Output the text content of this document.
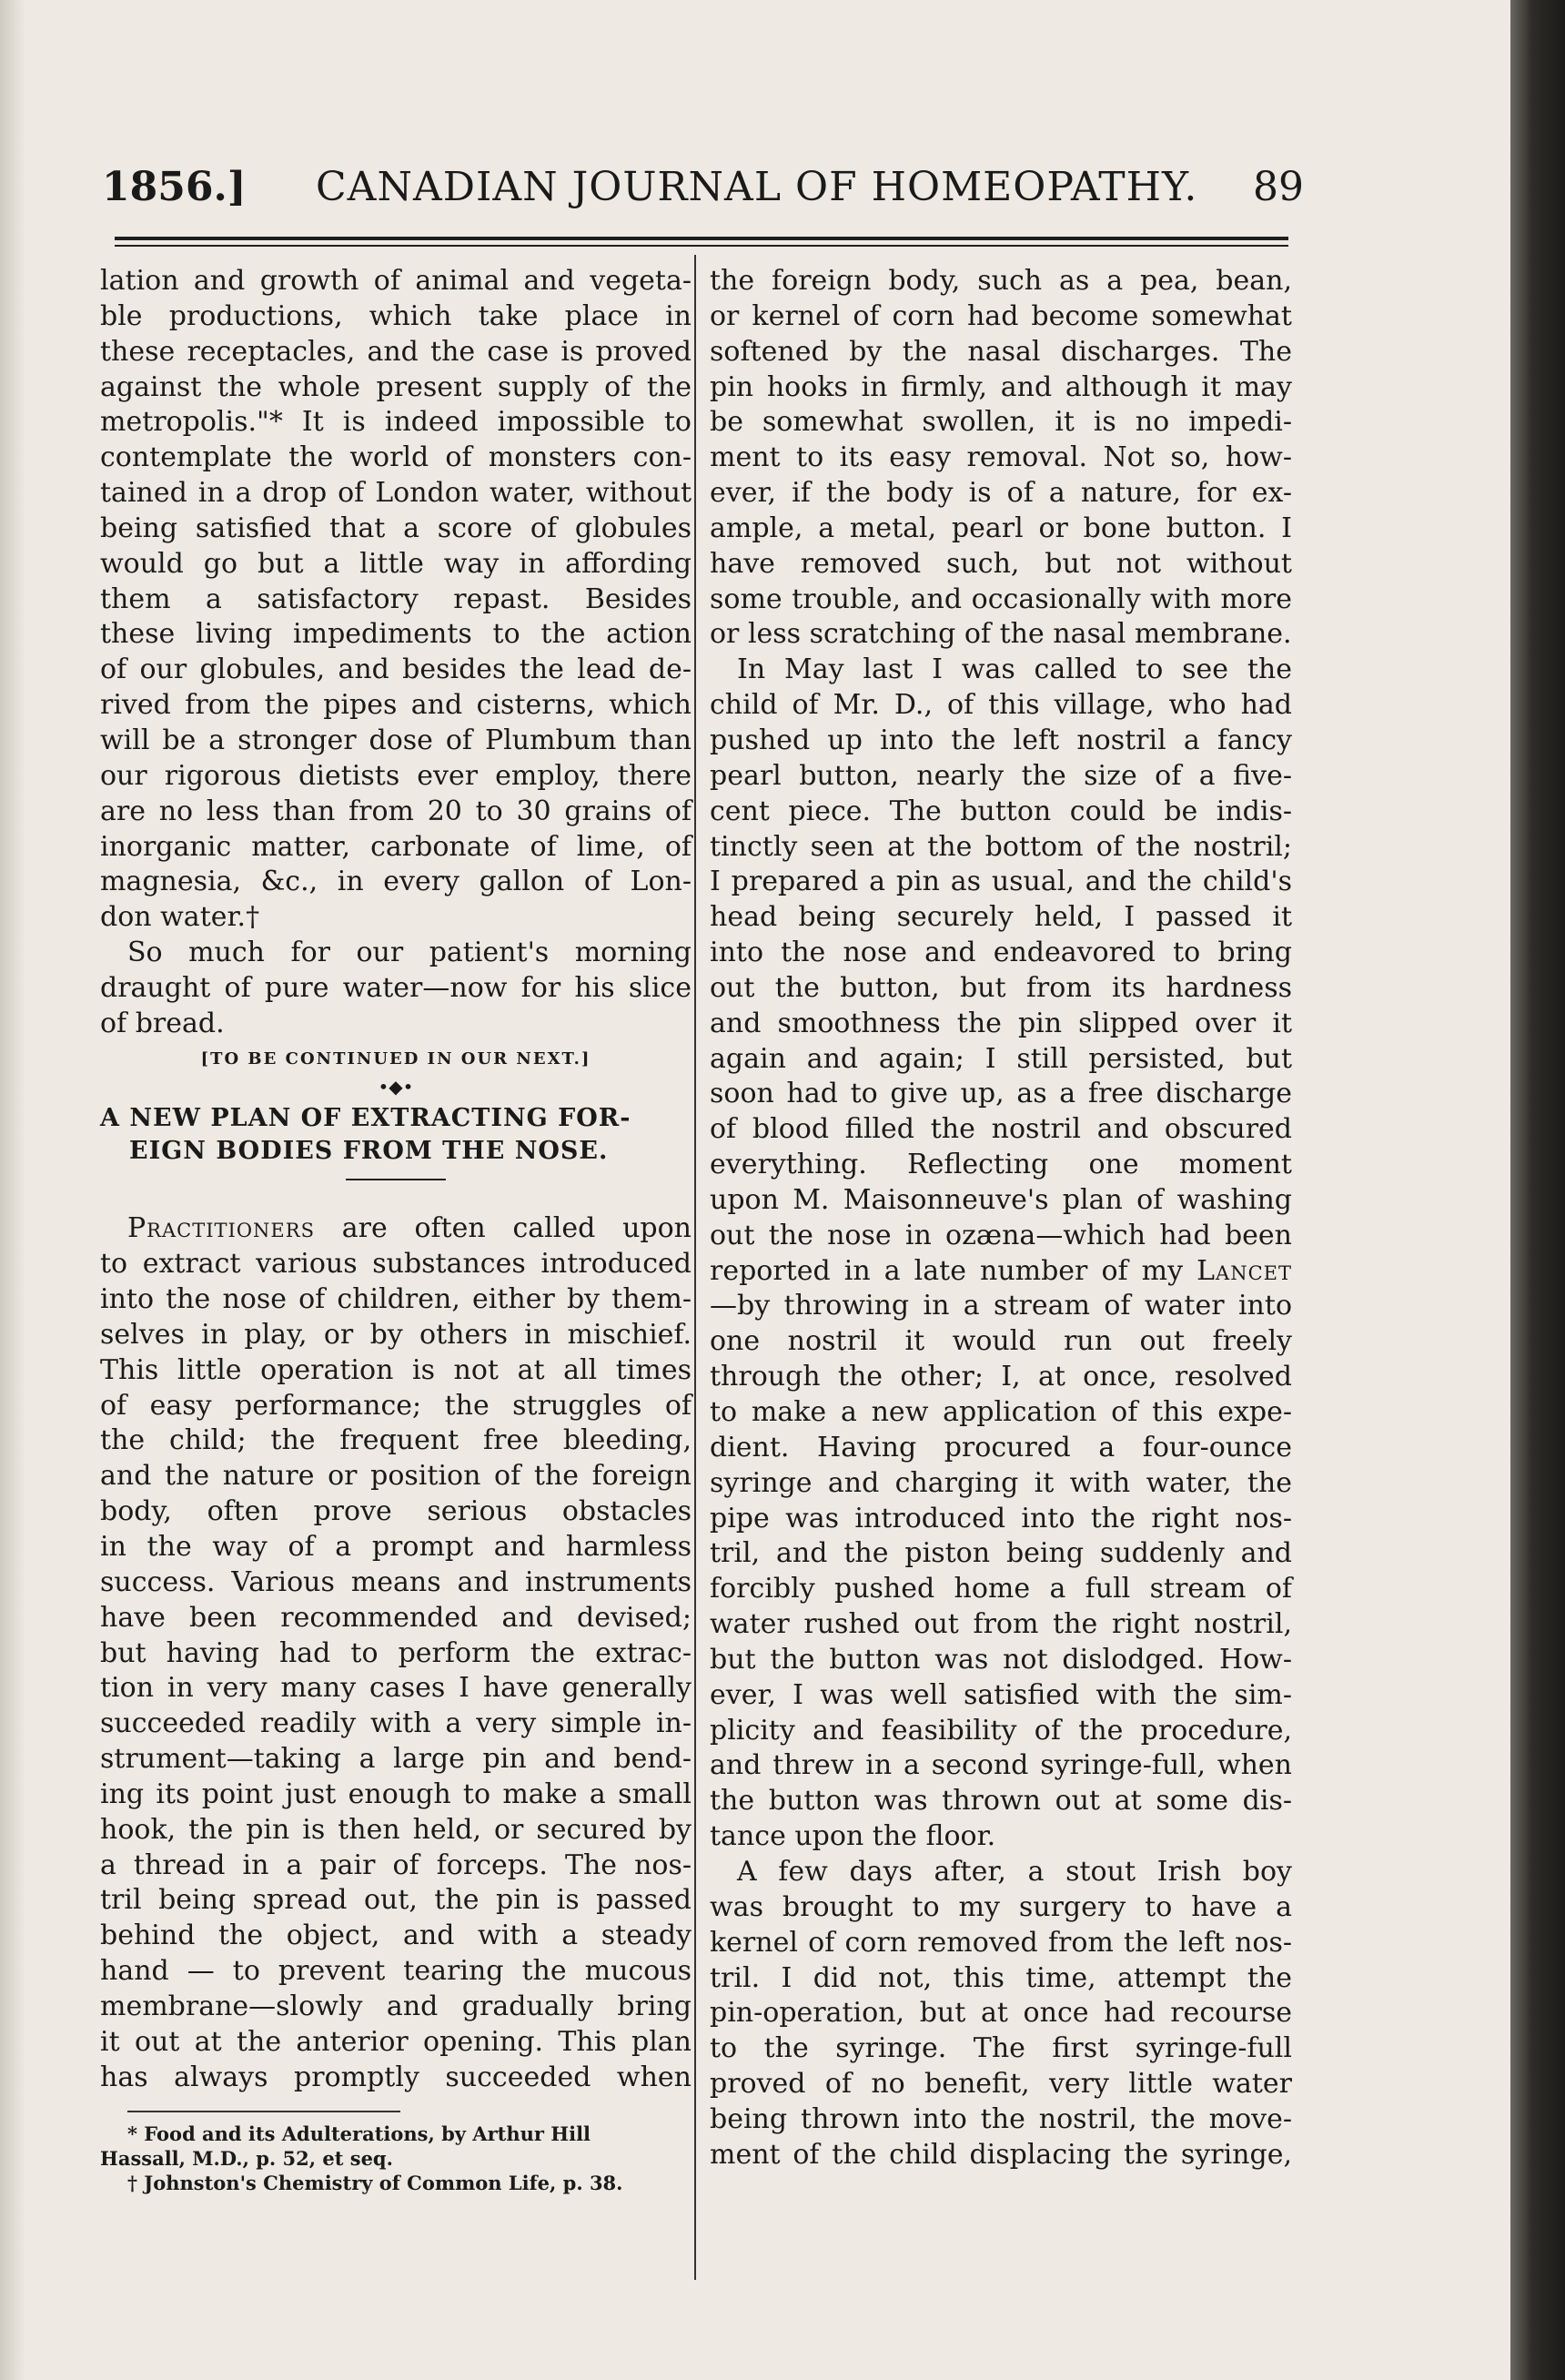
1856.] CANADIAN JOURNAL OF HOMEOPATHY. 89
lation and growth of animal and vegeta-
ble productions, which take place in
these receptacles, and the case is proved
against the whole present supply of the
metropolis."* It is indeed impossible to
contemplate the world of monsters con-
tained in a drop of London water, without
being satisfied that a score of globules
would go but a little way in affording
them a satisfactory repast. Besides
these living impediments to the action
of our globules, and besides the lead de-
rived from the pipes and cisterns, which
will be a stronger dose of Plumbum than
our rigorous dietists ever employ, there
are no less than from 20 to 30 grains of
inorganic matter, carbonate of lime, of
magnesia, &c., in every gallon of Lon-
don water.†
So much for our patient's morning
draught of pure water—now for his slice
of bread.
[TO BE CONTINUED IN OUR NEXT.]
•◆•
A NEW PLAN OF EXTRACTING FOR-
EIGN BODIES FROM THE NOSE.
Practitioners are often called upon
to extract various substances introduced
into the nose of children, either by them-
selves in play, or by others in mischief.
This little operation is not at all times
of easy performance; the struggles of
the child; the frequent free bleeding,
and the nature or position of the foreign
body, often prove serious obstacles
in the way of a prompt and harmless
success. Various means and instruments
have been recommended and devised;
but having had to perform the extrac-
tion in very many cases I have generally
succeeded readily with a very simple in-
strument—taking a large pin and bend-
ing its point just enough to make a small
hook, the pin is then held, or secured by
a thread in a pair of forceps. The nos-
tril being spread out, the pin is passed
behind the object, and with a steady
hand — to prevent tearing the mucous
membrane—slowly and gradually bring
it out at the anterior opening. This plan
has always promptly succeeded when
* Food and its Adulterations, by Arthur Hill
Hassall, M.D., p. 52, et seq.
† Johnston's Chemistry of Common Life, p. 38.
the foreign body, such as a pea, bean,
or kernel of corn had become somewhat
softened by the nasal discharges. The
pin hooks in firmly, and although it may
be somewhat swollen, it is no impedi-
ment to its easy removal. Not so, how-
ever, if the body is of a nature, for ex-
ample, a metal, pearl or bone button. I
have removed such, but not without
some trouble, and occasionally with more
or less scratching of the nasal membrane.
In May last I was called to see the
child of Mr. D., of this village, who had
pushed up into the left nostril a fancy
pearl button, nearly the size of a five-
cent piece. The button could be indis-
tinctly seen at the bottom of the nostril;
I prepared a pin as usual, and the child's
head being securely held, I passed it
into the nose and endeavored to bring
out the button, but from its hardness
and smoothness the pin slipped over it
again and again; I still persisted, but
soon had to give up, as a free discharge
of blood filled the nostril and obscured
everything. Reflecting one moment
upon M. Maisonneuve's plan of washing
out the nose in ozæna—which had been
reported in a late number of my Lancet
—by throwing in a stream of water into
one nostril it would run out freely
through the other; I, at once, resolved
to make a new application of this expe-
dient. Having procured a four-ounce
syringe and charging it with water, the
pipe was introduced into the right nos-
tril, and the piston being suddenly and
forcibly pushed home a full stream of
water rushed out from the right nostril,
but the button was not dislodged. How-
ever, I was well satisfied with the sim-
plicity and feasibility of the procedure,
and threw in a second syringe-full, when
the button was thrown out at some dis-
tance upon the floor.
A few days after, a stout Irish boy
was brought to my surgery to have a
kernel of corn removed from the left nos-
tril. I did not, this time, attempt the
pin-operation, but at once had recourse
to the syringe. The first syringe-full
proved of no benefit, very little water
being thrown into the nostril, the move-
ment of the child displacing the syringe,
